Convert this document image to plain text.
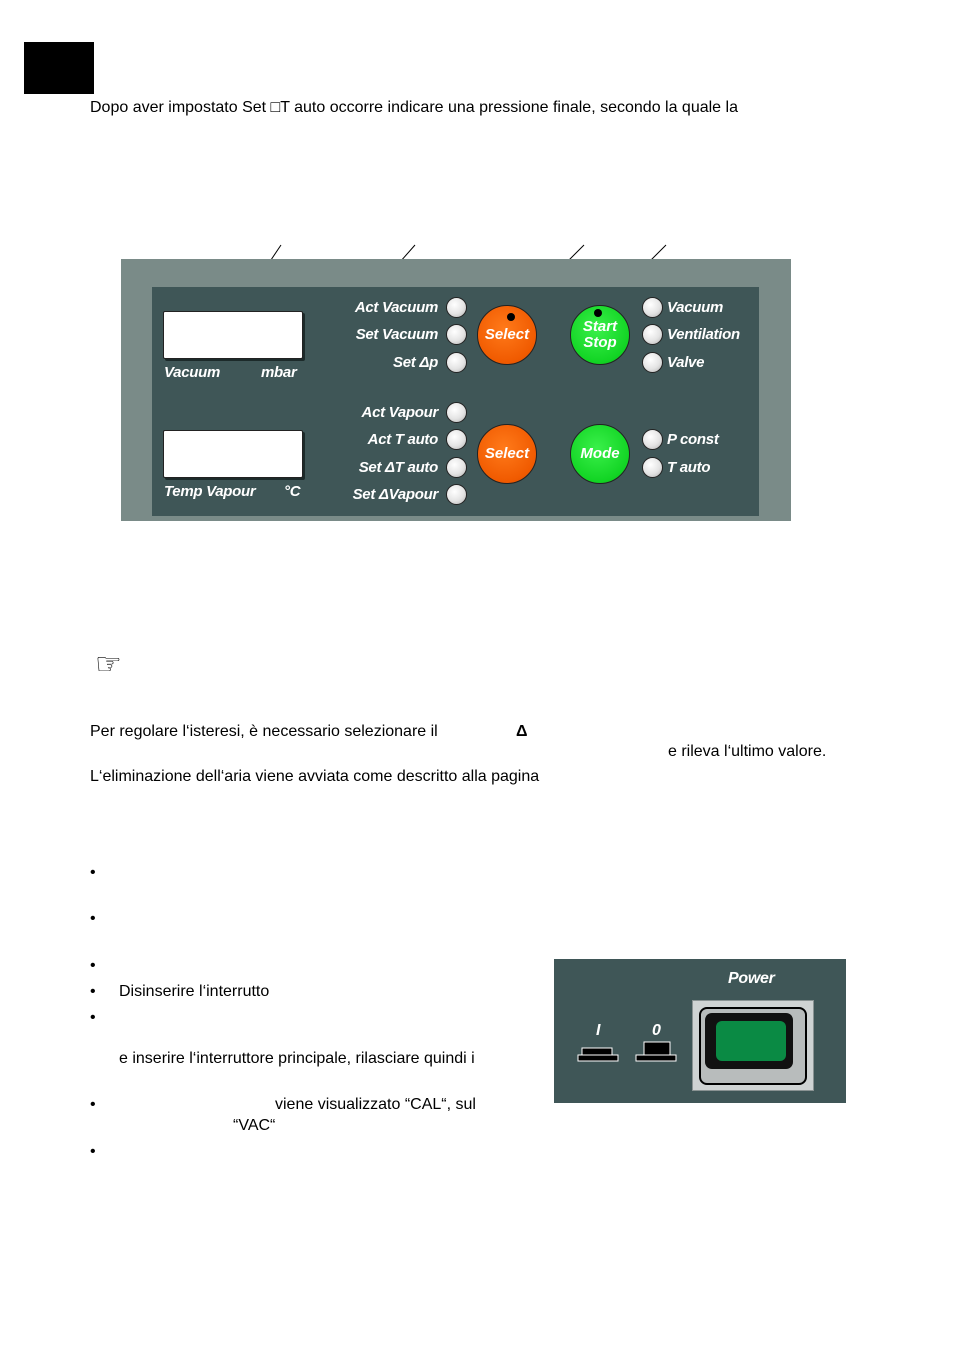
Dopo aver impostato Set □T auto occorre indicare una pressione finale, secondo la quale la
Vacuum	mbar
Temp Vapour °C
Act Vacuum
Set Vacuum
Set Δp
Act Vapour
Act T auto
Set ΔT auto
Set ΔVapour
Select
Select
Start
Stop
Mode
Vacuum
Ventilation
Valve
P const
T auto
☞
Per regolare l‘isteresi, è necessario selezionare il	Δ
e rileva l‘ultimo valore.
L‘eliminazione dell‘aria viene avviata come descritto alla pagina
•
•
•
• Disinserire l‘interrutto
•
e inserire l‘interruttore principale, rilasciare quindi i
•	viene visualizzato “CAL“, sul
“VAC“
•
Power
I	0
